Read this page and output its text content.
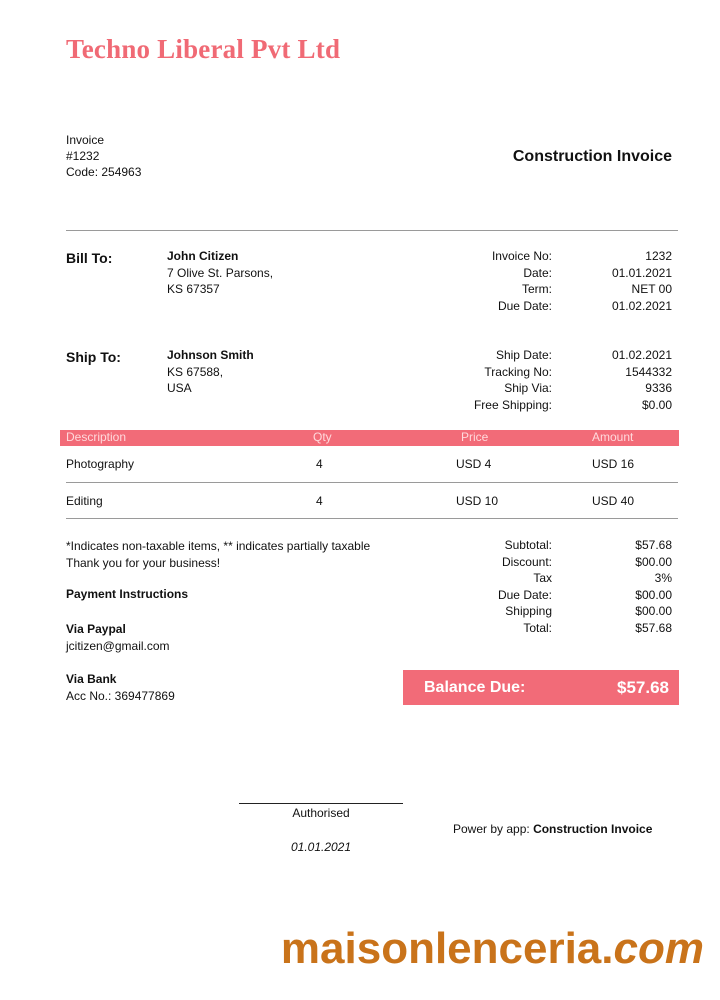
Techno Liberal Pvt Ltd
Invoice
#1232
Code: 254963
Construction Invoice
Bill To:	John Citizen
7 Olive St. Parsons,
KS 67357
Invoice No:	1232
Date:	01.01.2021
Term:	NET 00
Due Date:	01.02.2021
Ship To:	Johnson Smith
KS 67588,
USA
Ship Date:	01.02.2021
Tracking No:	1544332
Ship Via:	9336
Free Shipping:	$0.00
Description	Qty	Price	Amount
Photography	4	USD 4	USD 16
Editing	4	USD 10	USD 40
*Indicates non-taxable items, ** indicates partially taxable
Thank you for your business!
Payment Instructions
Via Paypal
jcitizen@gmail.com
Via Bank
Acc No.: 369477869
Subtotal:	$57.68
Discount:	$00.00
Tax	3%
Due Date:	$00.00
Shipping	$00.00
Total:	$57.68
Balance Due:	$57.68
Authorised
01.01.2021
Power by app: Construction Invoice
maisonlenceria.com
